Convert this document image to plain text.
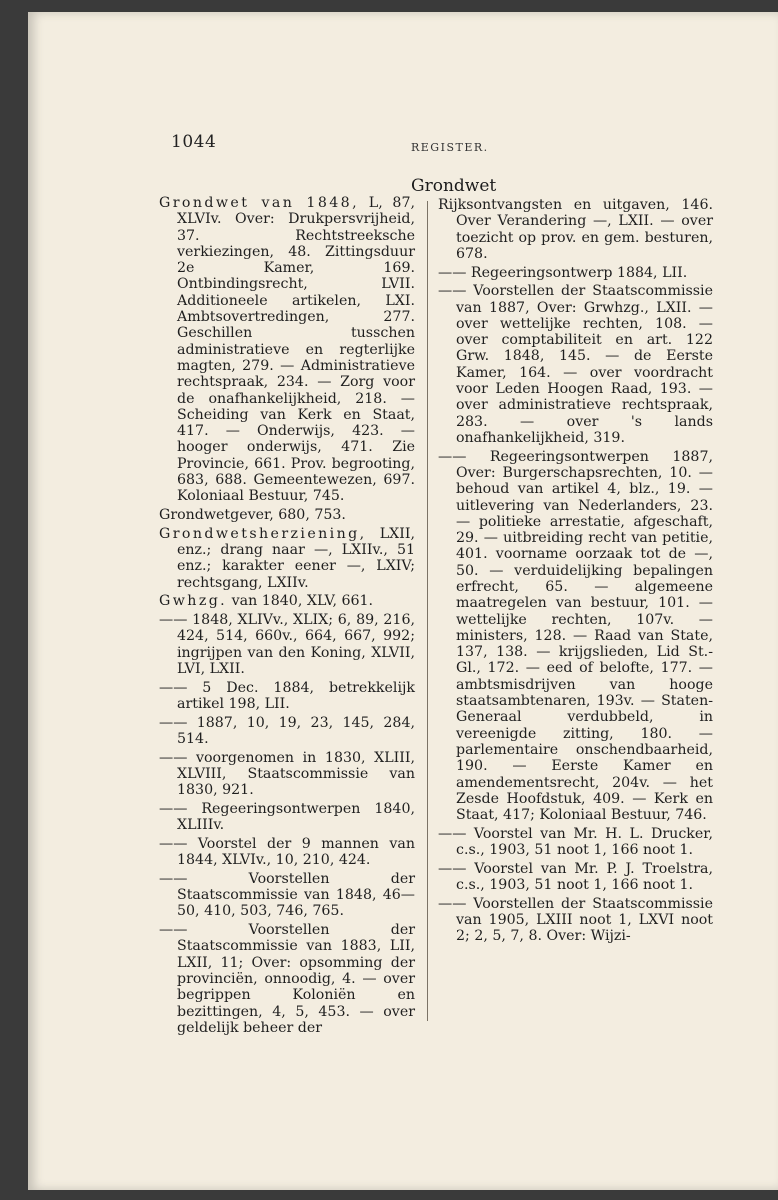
1044	REGISTER.
Grondwet

Grondwet van 1848, L, 87, XLVIv. Over: Drukpersvrijheid, 37. Rechtstreeksche verkiezingen, 48. Zittingsduur 2e Kamer, 169. Ontbindingsrecht, LVII. Additioneele artikelen, LXI. Ambtsovertredingen, 277. Geschillen tusschen administratieve en regterlijke magten, 279. — Administratieve rechtspraak, 234. — Zorg voor de onafhankelijkheid, 218. — Scheiding van Kerk en Staat, 417. — Onderwijs, 423. — hooger onderwijs, 471. Zie Provincie, 661. Prov. begrooting, 683, 688. Gemeentewezen, 697. Koloniaal Bestuur, 745.

Grondwetgever, 680, 753.

Grondwetsherziening, LXII, enz.; drang naar —, LXIIv., 51 enz.; karakter eener —, LXIV; rechtsgang, LXIIv.

Gwhzg. van 1840, XLV, 661.

—— 1848, XLIVv., XLIX; 6, 89, 216, 424, 514, 660v., 664, 667, 992; ingrijpen van den Koning, XLVII, LVI, LXII.

—— 5 Dec. 1884, betrekkelijk artikel 198, LII.

—— 1887, 10, 19, 23, 145, 284, 514.

—— voorgenomen in 1830, XLIII, XLVIII, Staatscommissie van 1830, 921.

—— Regeeringsontwerpen 1840, XLIIIv.

—— Voorstel der 9 mannen van 1844, XLVIv., 10, 210, 424.

—— Voorstellen der Staatscommissie van 1848, 46—50, 410, 503, 746, 765.

—— Voorstellen der Staatscommissie van 1883, LII, LXII, 11; Over: opsomming der provinciën, onnoodig, 4. — over begrippen Koloniën en bezittingen, 4, 5, 453. — over geldelijk beheer der

Rijksontvangsten en uitgaven, 146. Over Verandering —, LXII. — over toezicht op prov. en gem. besturen, 678.

—— Regeeringsontwerp 1884, LII.

—— Voorstellen der Staatscommissie van 1887, Over: Grwhzg., LXII. — over wettelijke rechten, 108. — over comptabiliteit en art. 122 Grw. 1848, 145. — de Eerste Kamer, 164. — over voordracht voor Leden Hoogen Raad, 193. — over administratieve rechtspraak, 283. — over 's lands onafhankelijkheid, 319.

—— Regeeringsontwerpen 1887, Over: Burgerschapsrechten, 10. — behoud van artikel 4, blz., 19. — uitlevering van Nederlanders, 23. — politieke arrestatie, afgeschaft, 29. — uitbreiding recht van petitie, 401. voorname oorzaak tot de —, 50. — verduidelijking bepalingen erfrecht, 65. — algemeene maatregelen van bestuur, 101. — wettelijke rechten, 107v. — ministers, 128. — Raad van State, 137, 138. — krijgslieden, Lid St.-Gl., 172. — eed of belofte, 177. — ambtsmisdrijven van hooge staatsambtenaren, 193v. — Staten-Generaal verdubbeld, in vereenigde zitting, 180. — parlementaire onschendbaarheid, 190. — Eerste Kamer en amendementsrecht, 204v. — het Zesde Hoofdstuk, 409. — Kerk en Staat, 417; Koloniaal Bestuur, 746.

—— Voorstel van Mr. H. L. Drucker, c.s., 1903, 51 noot 1, 166 noot 1.

—— Voorstel van Mr. P. J. Troelstra, c.s., 1903, 51 noot 1, 166 noot 1.

—— Voorstellen der Staatscommissie van 1905, LXIII noot 1, LXVI noot 2; 2, 5, 7, 8. Over: Wijzi-
